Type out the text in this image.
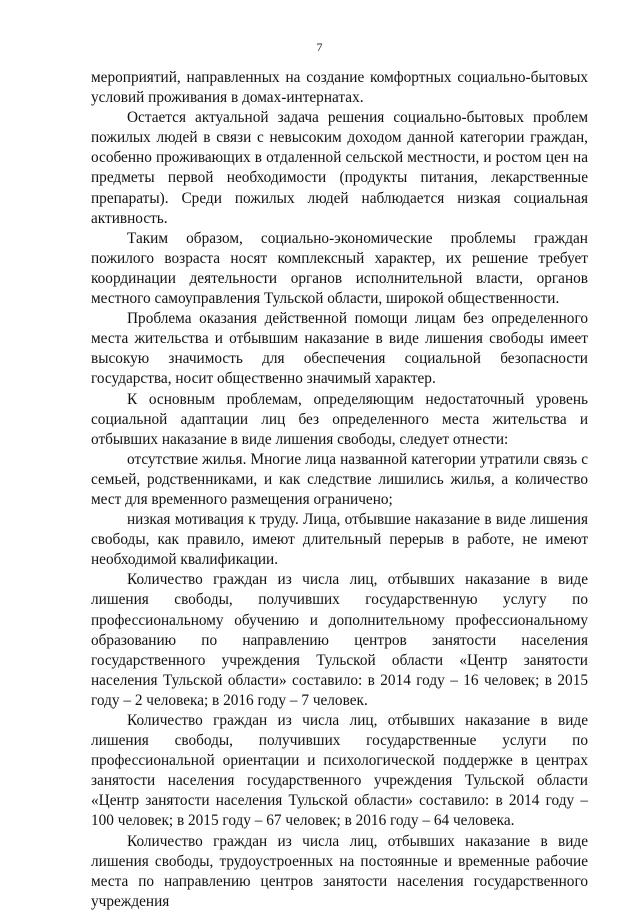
7

мероприятий, направленных на создание комфортных социально-бытовых условий проживания в домах-интернатах.

Остается актуальной задача решения социально-бытовых проблем пожилых людей в связи с невысоким доходом данной категории граждан, особенно проживающих в отдаленной сельской местности, и ростом цен на предметы первой необходимости (продукты питания, лекарственные препараты). Среди пожилых людей наблюдается низкая социальная активность.

Таким образом, социально-экономические проблемы граждан пожилого возраста носят комплексный характер, их решение требует координации деятельности органов исполнительной власти, органов местного самоуправления Тульской области, широкой общественности.

Проблема оказания действенной помощи лицам без определенного места жительства и отбывшим наказание в виде лишения свободы имеет высокую значимость для обеспечения социальной безопасности государства, носит общественно значимый характер.

К основным проблемам, определяющим недостаточный уровень социальной адаптации лиц без определенного места жительства и отбывших наказание в виде лишения свободы, следует отнести:

отсутствие жилья. Многие лица названной категории утратили связь с семьей, родственниками, и как следствие лишились жилья, а количество мест для временного размещения ограничено;

низкая мотивация к труду. Лица, отбывшие наказание в виде лишения свободы, как правило, имеют длительный перерыв в работе, не имеют необходимой квалификации.

Количество граждан из числа лиц, отбывших наказание в виде лишения свободы, получивших государственную услугу по профессиональному обучению и дополнительному профессиональному образованию по направлению центров занятости населения государственного учреждения Тульской области «Центр занятости населения Тульской области» составило: в 2014 году – 16 человек; в 2015 году – 2 человека; в 2016 году – 7 человек.

Количество граждан из числа лиц, отбывших наказание в виде лишения свободы, получивших государственные услуги по профессиональной ориентации и психологической поддержке в центрах занятости населения государственного учреждения Тульской области «Центр занятости населения Тульской области» составило: в 2014 году – 100 человек; в 2015 году – 67 человек; в 2016 году – 64 человека.

Количество граждан из числа лиц, отбывших наказание в виде лишения свободы, трудоустроенных на постоянные и временные рабочие места по направлению центров занятости населения государственного учреждения
